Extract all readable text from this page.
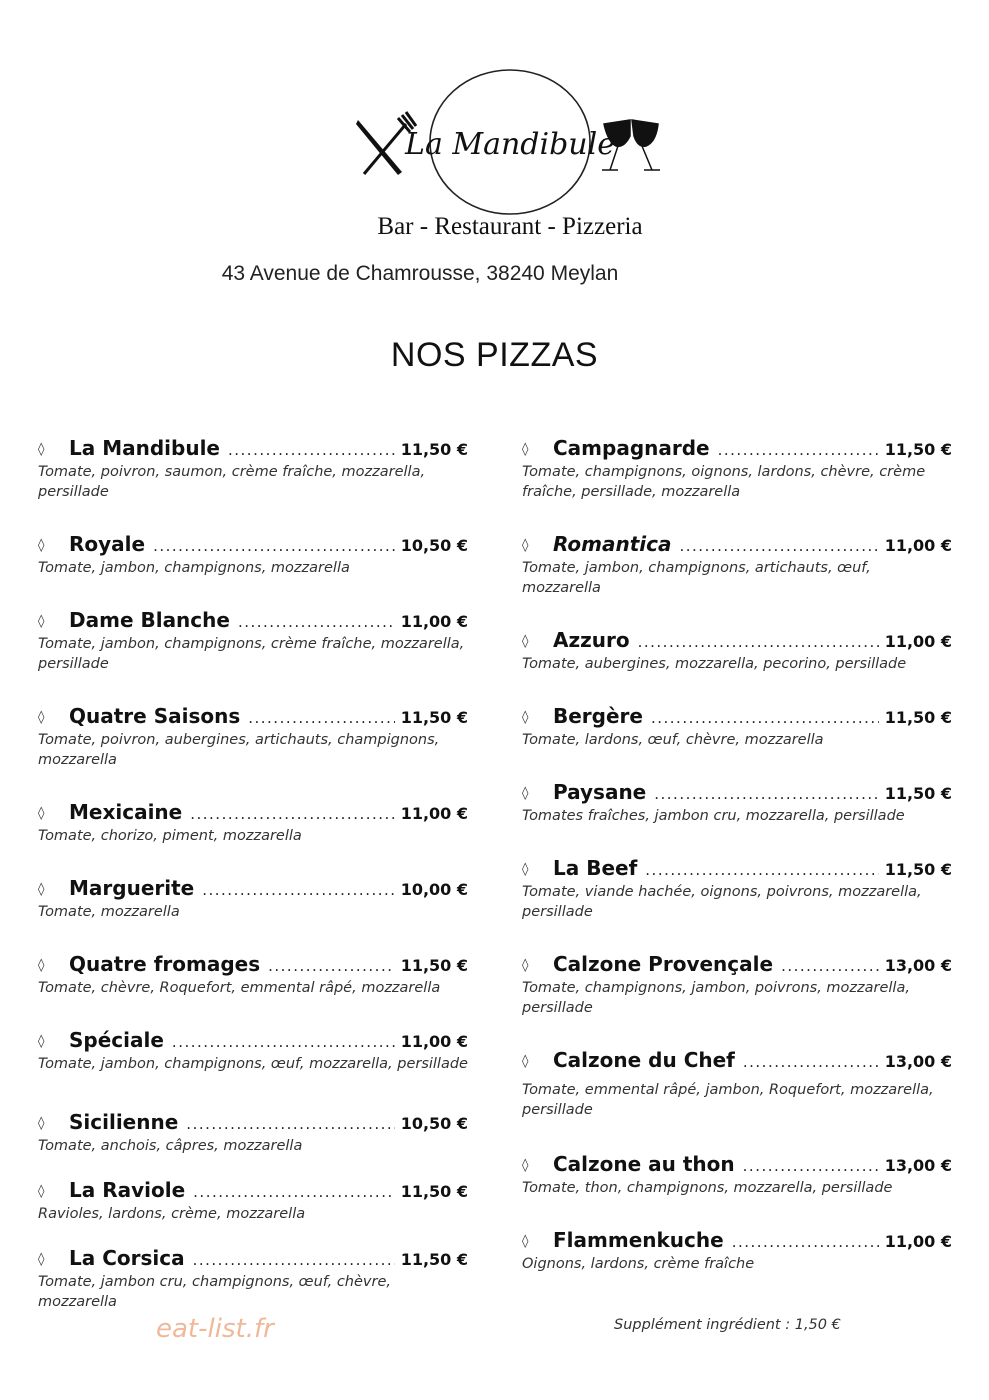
La Mandibule
Bar - Restaurant - Pizzeria
43 Avenue de Chamrousse, 38240 Meylan
NOS PIZZAS
◊	La Mandibule .....	11,50 €
Tomate, poivron, saumon, crème fraîche, mozzarella, persillade
◊	Royale .....	10,50 €
Tomate, jambon, champignons, mozzarella
◊	Dame Blanche .....	11,00 €
Tomate, jambon, champignons, crème fraîche, mozzarella, persillade
◊	Quatre Saisons .....	11,50 €
Tomate, poivron, aubergines, artichauts, champignons, mozzarella
◊	Mexicaine .....	11,00 €
Tomate, chorizo, piment, mozzarella
◊	Marguerite .....	10,00 €
Tomate, mozzarella
◊	Quatre fromages .....	11,50 €
Tomate, chèvre, Roquefort, emmental râpé, mozzarella
◊	Spéciale .....	11,00 €
Tomate, jambon, champignons, œuf, mozzarella, persillade
◊	Sicilienne .....	10,50 €
Tomate, anchois, câpres, mozzarella
◊	La Raviole .....	11,50 €
Ravioles, lardons, crème, mozzarella
◊	La Corsica .....	11,50 €
Tomate, jambon cru, champignons, œuf, chèvre, mozzarella
◊	Campagnarde .....	11,50 €
Tomate, champignons, oignons, lardons, chèvre, crème fraîche, persillade, mozzarella
◊	Romantica .....	11,00 €
Tomate, jambon, champignons, artichauts, œuf, mozzarella
◊	Azzuro .....	11,00 €
Tomate, aubergines, mozzarella, pecorino, persillade
◊	Bergère .....	11,50 €
Tomate, lardons, œuf, chèvre, mozzarella
◊	Paysane .....	11,50 €
Tomates fraîches, jambon cru, mozzarella, persillade
◊	La Beef .....	11,50 €
Tomate, viande hachée, oignons, poivrons, mozzarella, persillade
◊	Calzone Provençale .....	13,00 €
Tomate, champignons, jambon, poivrons, mozzarella, persillade
◊	Calzone du Chef .....	13,00 €
Tomate, emmental râpé, jambon, Roquefort, mozzarella, persillade
◊	Calzone au thon .....	13,00 €
Tomate, thon, champignons, mozzarella, persillade
◊	Flammenkuche .....	11,00 €
Oignons, lardons, crème fraîche
eat-list.fr	Supplément ingrédient : 1,50 €
